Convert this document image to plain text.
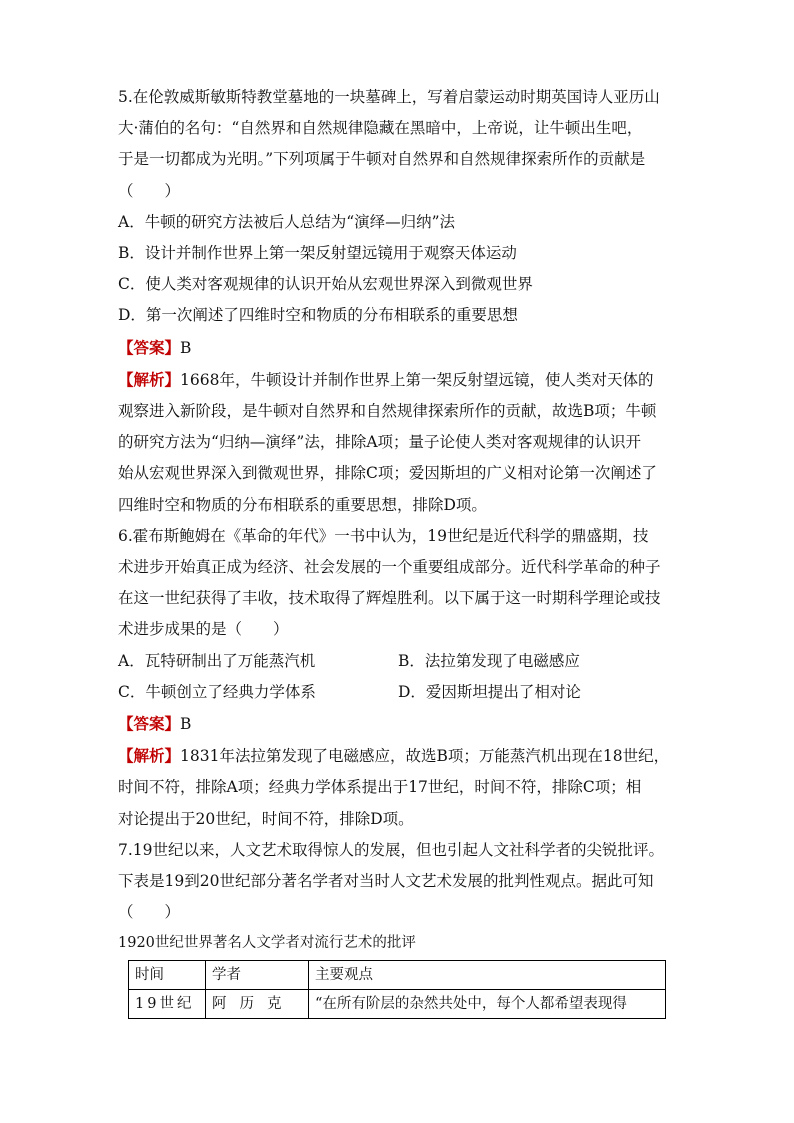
5.在伦敦威斯敏斯特教堂墓地的一块墓碑上，写着启蒙运动时期英国诗人亚历山

大·蒲伯的名句：“自然界和自然规律隐藏在黑暗中，上帝说，让牛顿出生吧，

于是一切都成为光明。”下列项属于牛顿对自然界和自然规律探索所作的贡献是

（　　）

A．牛顿的研究方法被后人总结为“演绎—归纳”法

B．设计并制作世界上第一架反射望远镜用于观察天体运动

C．使人类对客观规律的认识开始从宏观世界深入到微观世界

D．第一次阐述了四维时空和物质的分布相联系的重要思想

【答案】B

【解析】1668年，牛顿设计并制作世界上第一架反射望远镜，使人类对天体的

观察进入新阶段，是牛顿对自然界和自然规律探索所作的贡献，故选B项；牛顿

的研究方法为“归纳—演绎”法，排除A项；量子论使人类对客观规律的认识开

始从宏观世界深入到微观世界，排除C项；爱因斯坦的广义相对论第一次阐述了

四维时空和物质的分布相联系的重要思想，排除D项。

6.霍布斯鲍姆在《革命的年代》一书中认为，19世纪是近代科学的鼎盛期，技

术进步开始真正成为经济、社会发展的一个重要组成部分。近代科学革命的种子

在这一世纪获得了丰收，技术取得了辉煌胜利。以下属于这一时期科学理论或技

术进步成果的是（　　）

A．瓦特研制出了万能蒸汽机	B．法拉第发现了电磁感应
C．牛顿创立了经典力学体系	D．爱因斯坦提出了相对论

【答案】B

【解析】1831年法拉第发现了电磁感应，故选B项；万能蒸汽机出现在18世纪，

时间不符，排除A项；经典力学体系提出于17世纪，时间不符，排除C项；相

对论提出于20世纪，时间不符，排除D项。

7.19世纪以来，人文艺术取得惊人的发展，但也引起人文社科学者的尖锐批评。

下表是19到20世纪部分著名学者对当时人文艺术发展的批判性观点。据此可知

（　　）

1920世纪世界著名人文学者对流行艺术的批评

时间	学者	主要观点
19世纪	阿历克	“在所有阶层的杂然共处中，每个人都希望表现得
